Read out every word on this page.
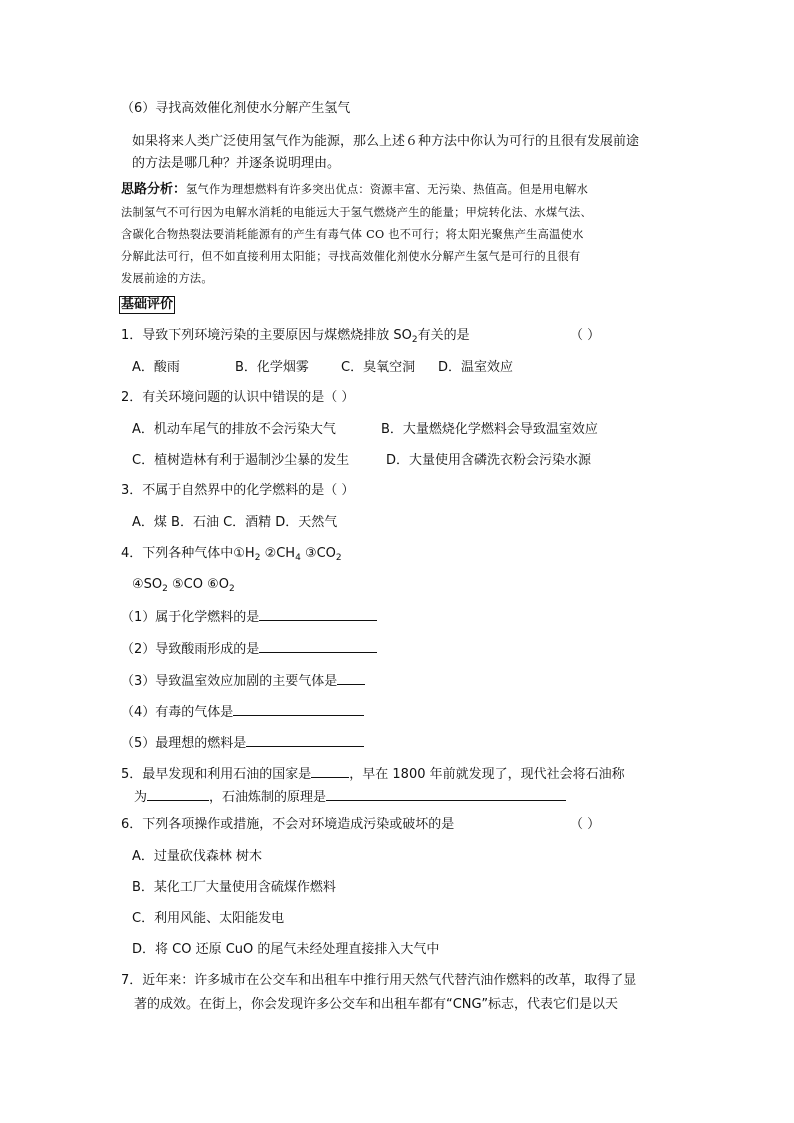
（6）寻找高效催化剂使水分解产生氢气
如果将来人类广泛使用氢气作为能源，那么上述６种方法中你认为可行的且很有发展前途
的方法是哪几种？并逐条说明理由。
思路分析：氢气作为理想燃料有许多突出优点：资源丰富、无污染、热值高。但是用电解水
法制氢气不可行因为电解水消耗的电能远大于氢气燃烧产生的能量；甲烷转化法、水煤气法、
含碳化合物热裂法要消耗能源有的产生有毒气体 CO 也不可行；将太阳光聚焦产生高温使水
分解此法可行，但不如直接利用太阳能；寻找高效催化剂使水分解产生氢气是可行的且很有
发展前途的方法。
基础评价
1．导致下列环境污染的主要原因与煤燃烧排放 $SO_2$有关的是	（ ）
A．酸雨	B．化学烟雾 C．臭氧空洞 D．温室效应
2．有关环境问题的认识中错误的是（ ）
A．机动车尾气的排放不会污染大气	B．大量燃烧化学燃料会导致温室效应
C．植树造林有利于遏制沙尘暴的发生	D．大量使用含磷洗衣粉会污染水源
3．不属于自然界中的化学燃料的是（ ）
A．煤 B．石油 C．酒精 D．天然气
4．下列各种气体中$①H_2$ $②CH_4$ $③CO_2$
$④SO_2$ ⑤CO $⑥O_2$
（1）属于化学燃料的是
（2）导致酸雨形成的是
（3）导致温室效应加剧的主要气体是
（4）有毒的气体是
（5）最理想的燃料是
5．最早发现和利用石油的国家是	，早在 1800 年前就发现了，现代社会将石油称
为	，石油炼制的原理是
6．下列各项操作或措施，不会对环境造成污染或破坏的是	（ ）
A．过量砍伐森林 树木
B．某化工厂大量使用含硫煤作燃料
C．利用风能、太阳能发电
D．将 CO 还原 CuO 的尾气未经处理直接排入大气中
7．近年来：许多城市在公交车和出租车中推行用天然气代替汽油作燃料的改革，取得了显
著的成效。在街上，你会发现许多公交车和出租车都有“CNG”标志，代表它们是以天
